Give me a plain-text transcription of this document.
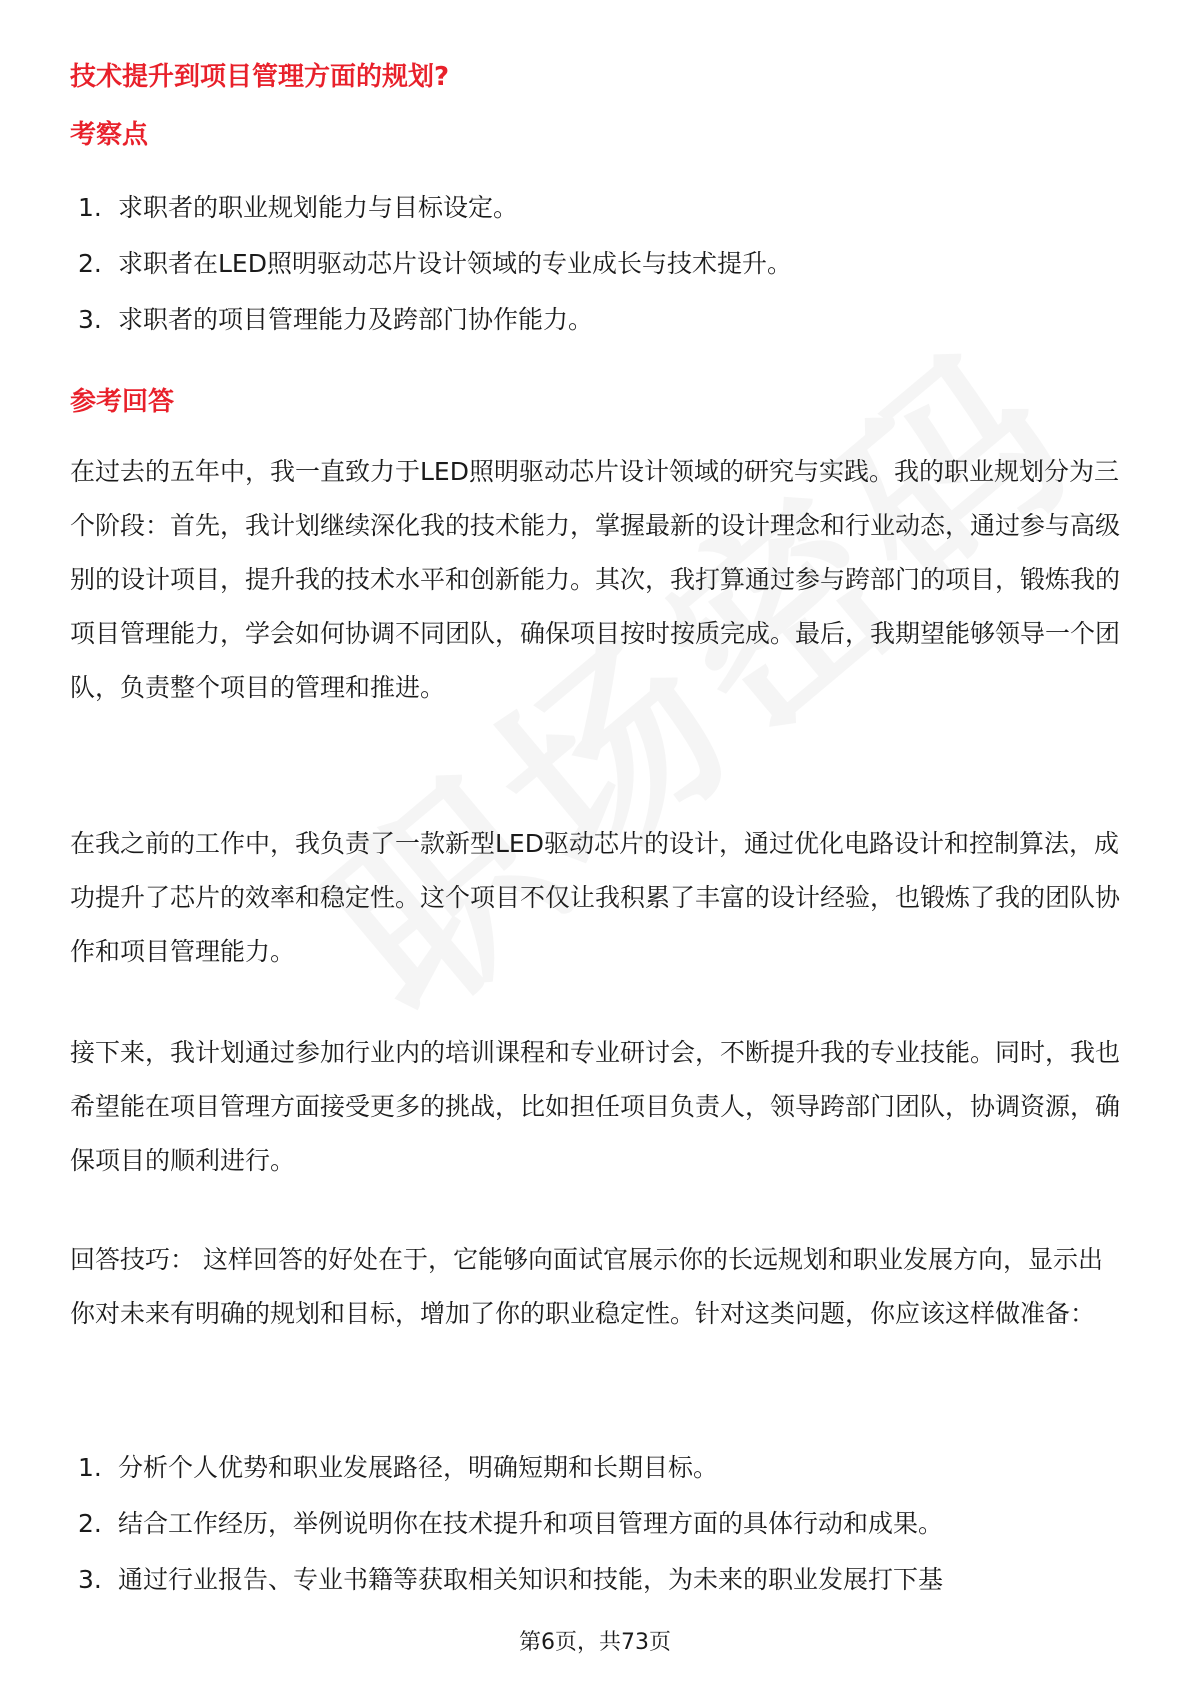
技术提升到项目管理方面的规划?
考察点
1. 求职者的职业规划能力与目标设定。
2. 求职者在LED照明驱动芯片设计领域的专业成长与技术提升。
3. 求职者的项目管理能力及跨部门协作能力。
参考回答

在过去的五年中，我一直致力于LED照明驱动芯片设计领域的研究与实践。我的职业规划分为三个阶段：首先，我计划继续深化我的技术能力，掌握最新的设计理念和行业动态，通过参与高级别的设计项目，提升我的技术水平和创新能力。其次，我打算通过参与跨部门的项目，锻炼我的项目管理能力，学会如何协调不同团队，确保项目按时按质完成。最后，我期望能够领导一个团队，负责整个项目的管理和推进。

在我之前的工作中，我负责了一款新型LED驱动芯片的设计，通过优化电路设计和控制算法，成功提升了芯片的效率和稳定性。这个项目不仅让我积累了丰富的设计经验，也锻炼了我的团队协作和项目管理能力。

接下来，我计划通过参加行业内的培训课程和专业研讨会，不断提升我的专业技能。同时，我也希望能在项目管理方面接受更多的挑战，比如担任项目负责人，领导跨部门团队，协调资源，确保项目的顺利进行。

回答技巧： 这样回答的好处在于，它能够向面试官展示你的长远规划和职业发展方向，显示出你对未来有明确的规划和目标，增加了你的职业稳定性。针对这类问题，你应该这样做准备：

1. 分析个人优势和职业发展路径，明确短期和长期目标。
2. 结合工作经历，举例说明你在技术提升和项目管理方面的具体行动和成果。
3. 通过行业报告、专业书籍等获取相关知识和技能，为未来的职业发展打下基
第6页，共73页
